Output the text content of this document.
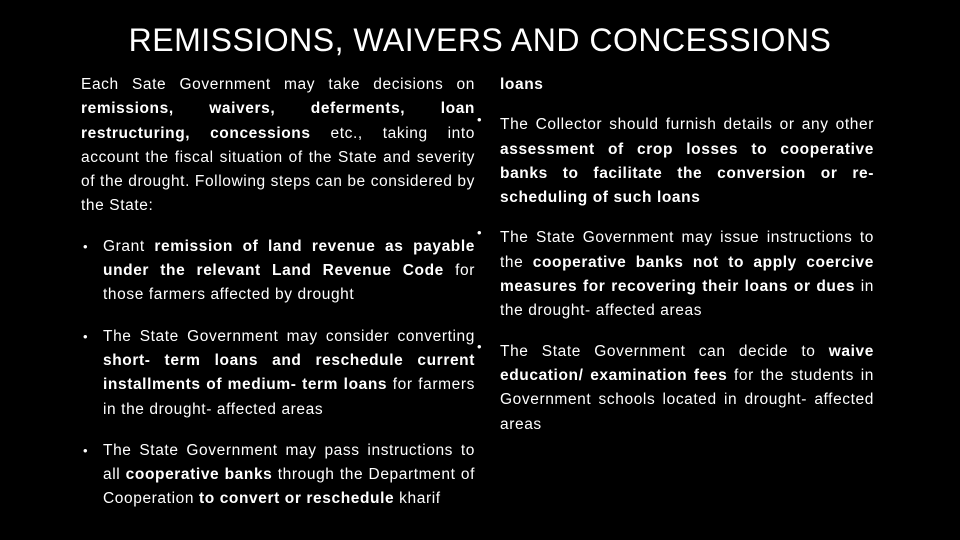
REMISSIONS, WAIVERS AND CONCESSIONS

Each Sate Government may take decisions on remissions, waivers, deferments, loan restructuring, concessions etc., taking into account the fiscal situation of the State and severity of the drought. Following steps can be considered by the State:

• Grant remission of land revenue as payable under the relevant Land Revenue Code for those farmers affected by drought

• The State Government may consider converting short- term loans and reschedule current installments of medium- term loans for farmers in the drought- affected areas

• The State Government may pass instructions to all cooperative banks through the Department of Cooperation to convert or reschedule kharif

loans

• The Collector should furnish details or any other assessment of crop losses to cooperative banks to facilitate the conversion or re-scheduling of such loans

• The State Government may issue instructions to the cooperative banks not to apply coercive measures for recovering their loans or dues in the drought- affected areas

• The State Government can decide to waive education/ examination fees for the students in Government schools located in drought- affected areas
